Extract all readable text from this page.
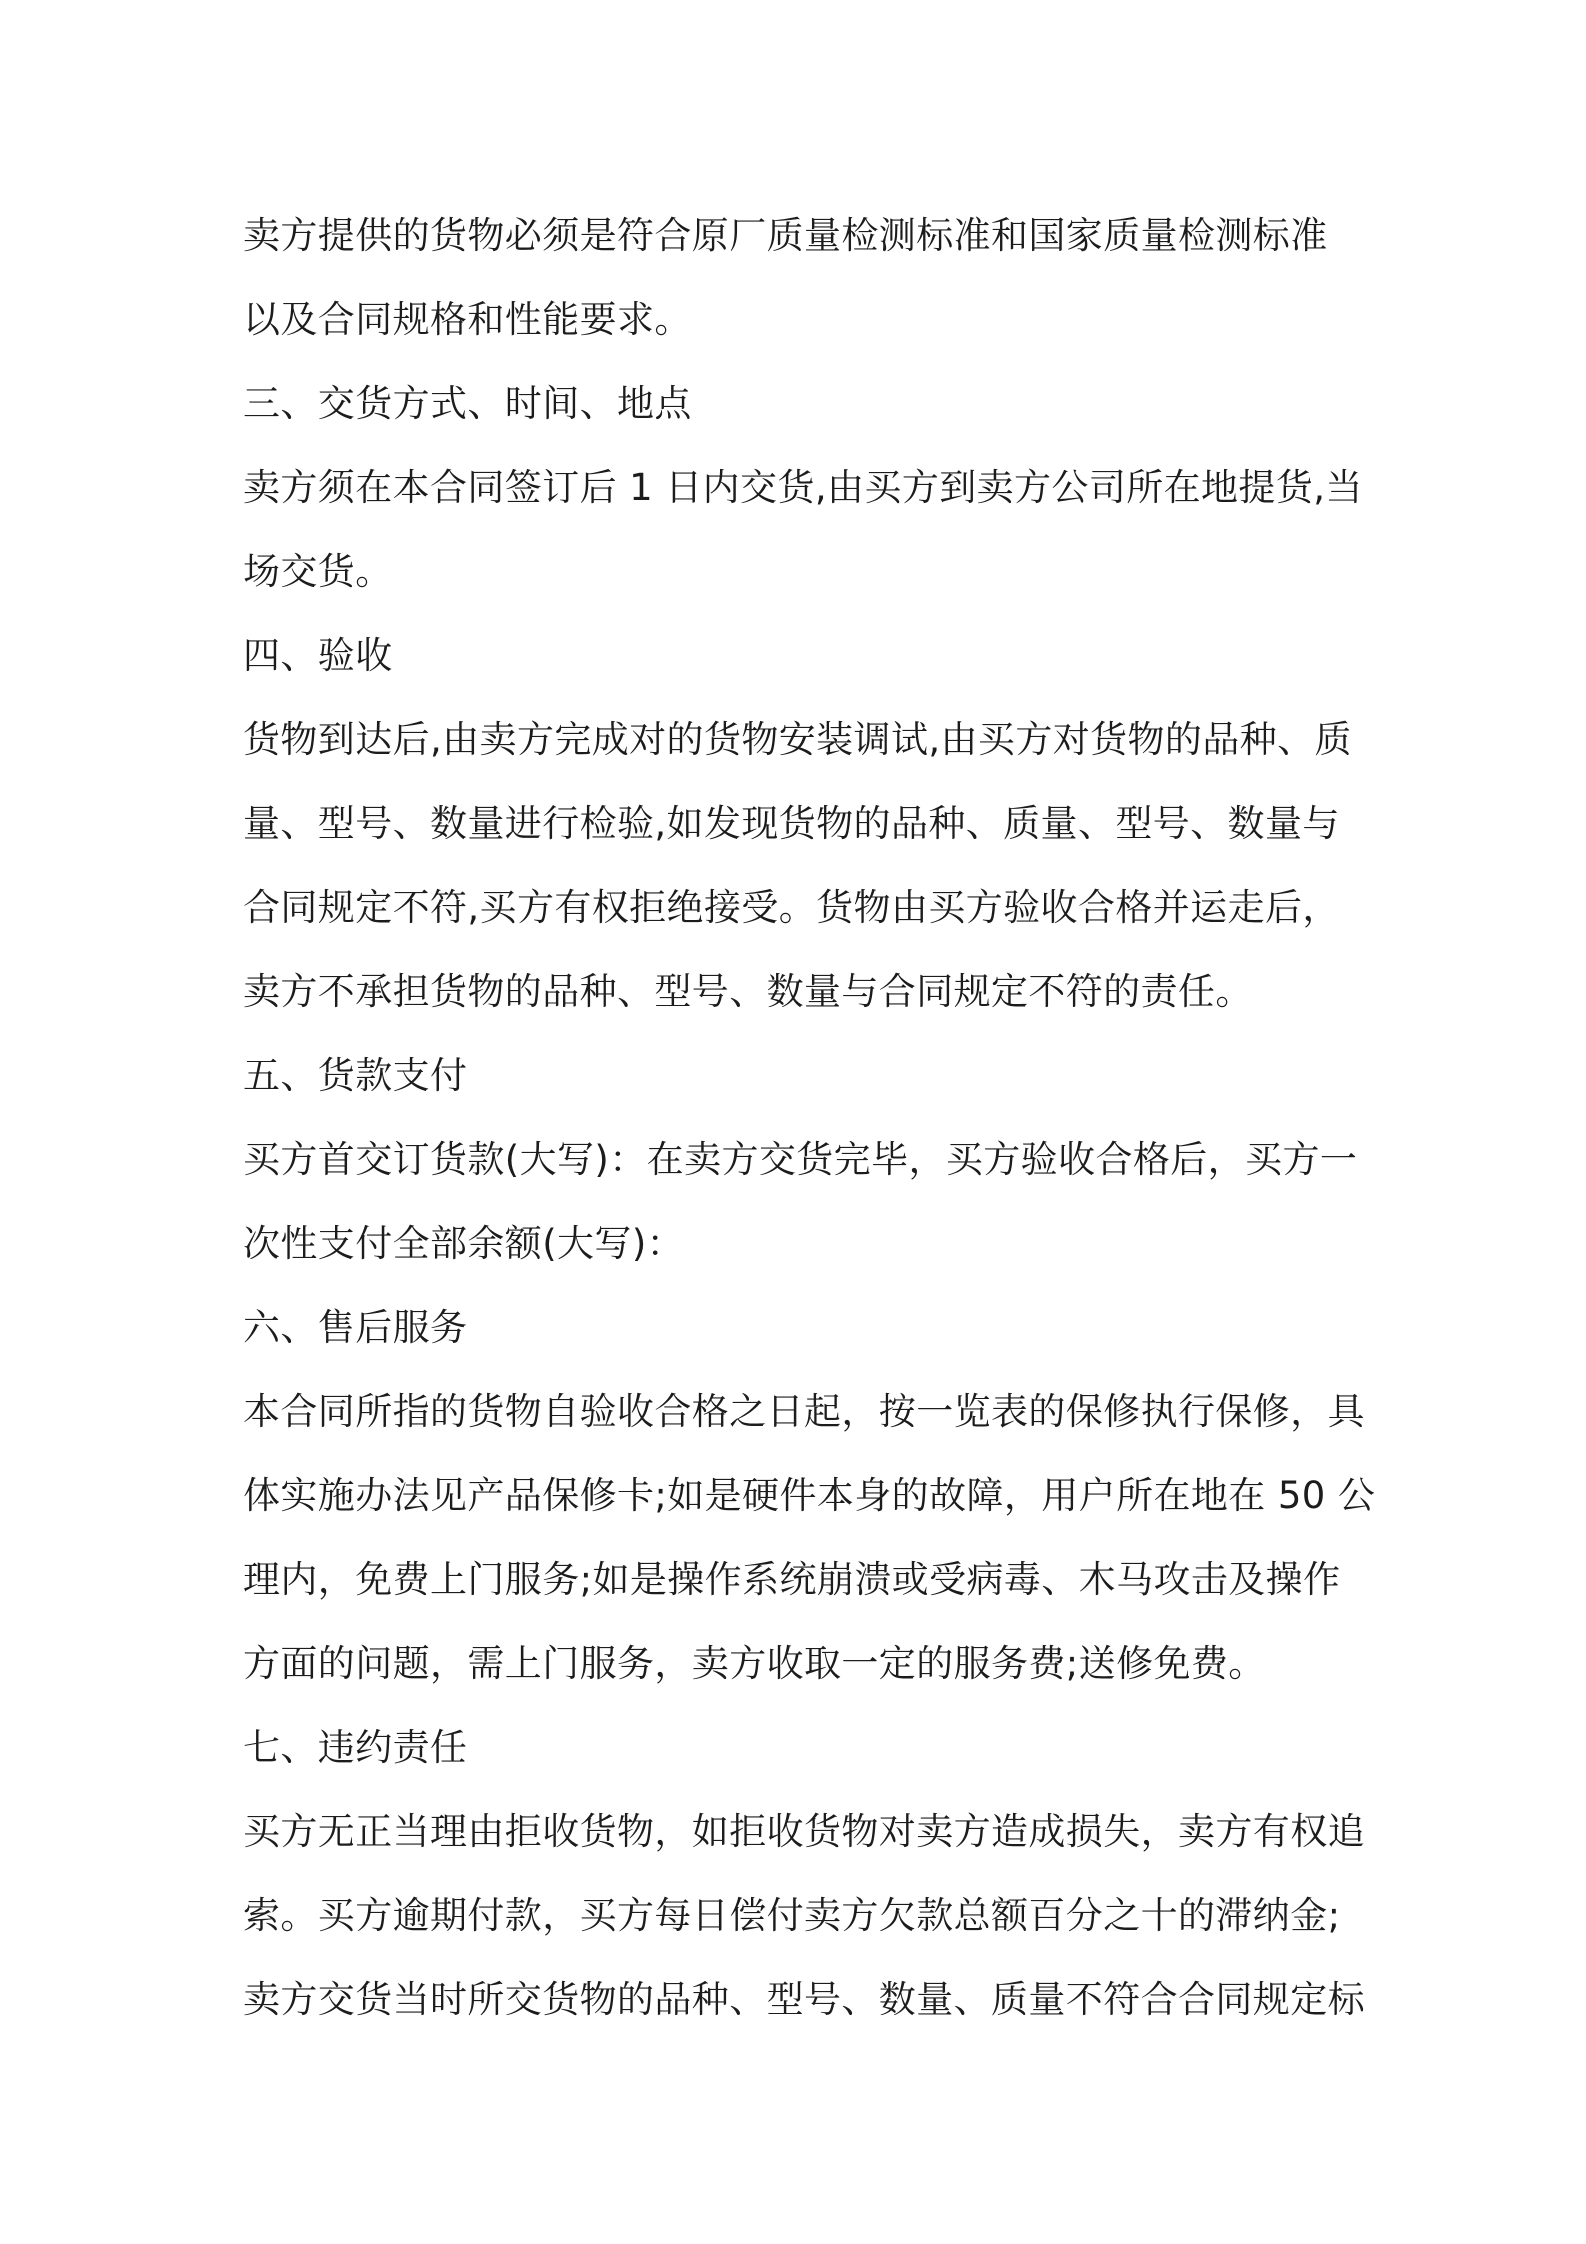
卖方提供的货物必须是符合原厂质量检测标准和国家质量检测标准
以及合同规格和性能要求。
三、交货方式、时间、地点
卖方须在本合同签订后 1 日内交货,由买方到卖方公司所在地提货,当
场交货。
四、验收
货物到达后,由卖方完成对的货物安装调试,由买方对货物的品种、质
量、型号、数量进行检验,如发现货物的品种、质量、型号、数量与
合同规定不符,买方有权拒绝接受。货物由买方验收合格并运走后，
卖方不承担货物的品种、型号、数量与合同规定不符的责任。
五、货款支付
买方首交订货款(大写)：在卖方交货完毕，买方验收合格后，买方一
次性支付全部余额(大写)：
六、售后服务
本合同所指的货物自验收合格之日起，按一览表的保修执行保修，具
体实施办法见产品保修卡;如是硬件本身的故障，用户所在地在 50 公
理内，免费上门服务;如是操作系统崩溃或受病毒、木马攻击及操作
方面的问题，需上门服务，卖方收取一定的服务费;送修免费。
七、违约责任
买方无正当理由拒收货物，如拒收货物对卖方造成损失，卖方有权追
索。买方逾期付款，买方每日偿付卖方欠款总额百分之十的滞纳金;
卖方交货当时所交货物的品种、型号、数量、质量不符合合同规定标
